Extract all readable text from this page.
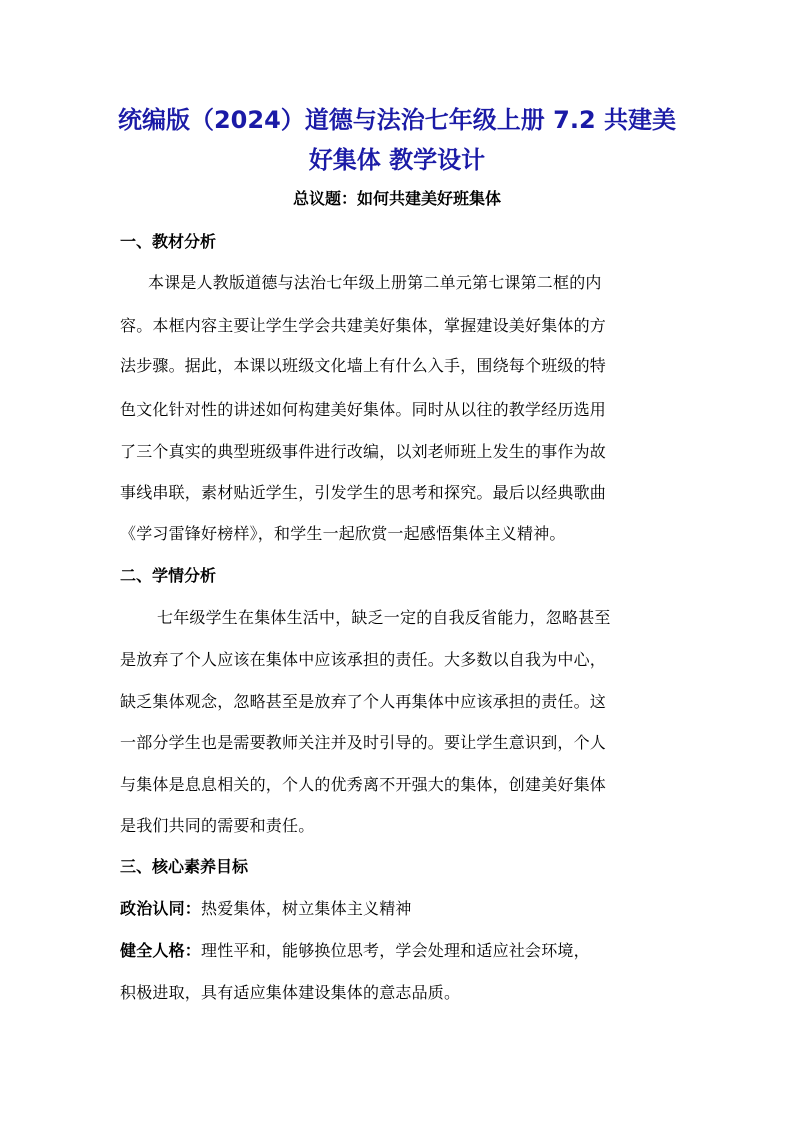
统编版（2024）道德与法治七年级上册 7.2 共建美
好集体 教学设计
总议题：如何共建美好班集体
一、教材分析
本课是人教版道德与法治七年级上册第二单元第七课第二框的内
容。本框内容主要让学生学会共建美好集体，掌握建设美好集体的方
法步骤。据此，本课以班级文化墙上有什么入手，围绕每个班级的特
色文化针对性的讲述如何构建美好集体。同时从以往的教学经历选用
了三个真实的典型班级事件进行改编，以刘老师班上发生的事作为故
事线串联，素材贴近学生，引发学生的思考和探究。最后以经典歌曲
《学习雷锋好榜样》，和学生一起欣赏一起感悟集体主义精神。
二、学情分析
七年级学生在集体生活中，缺乏一定的自我反省能力，忽略甚至
是放弃了个人应该在集体中应该承担的责任。大多数以自我为中心，
缺乏集体观念，忽略甚至是放弃了个人再集体中应该承担的责任。这
一部分学生也是需要教师关注并及时引导的。要让学生意识到，个人
与集体是息息相关的，个人的优秀离不开强大的集体，创建美好集体
是我们共同的需要和责任。
三、核心素养目标
政治认同：热爱集体，树立集体主义精神
健全人格：理性平和，能够换位思考，学会处理和适应社会环境，
积极进取，具有适应集体建设集体的意志品质。
